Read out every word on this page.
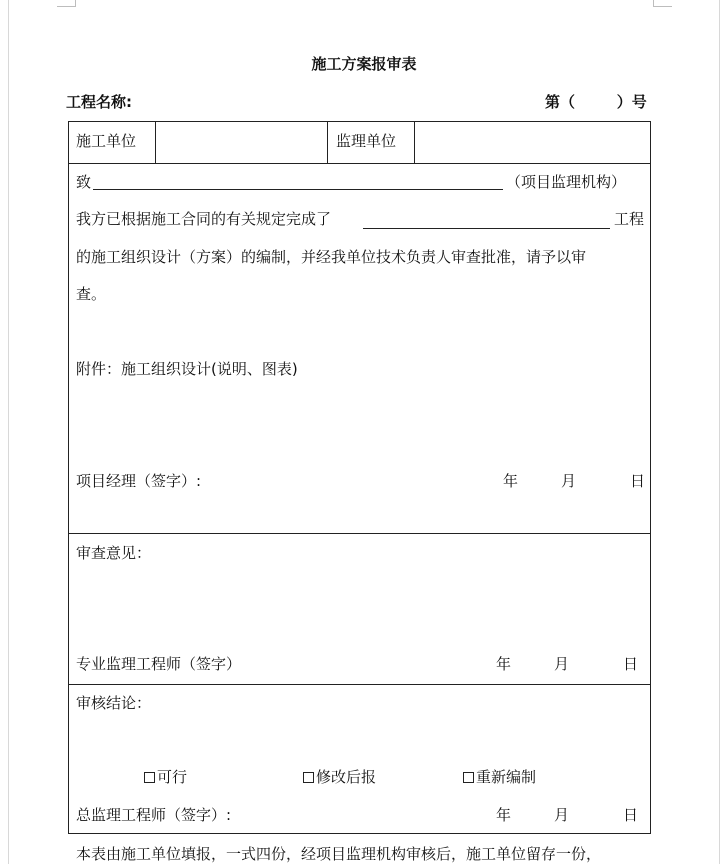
施工方案报审表
工程名称:	第（        ）号
施工单位	监理单位
致	（项目监理机构）
我方已根据施工合同的有关规定完成了	工程
的施工组织设计（方案）的编制，并经我单位技术负责人审查批准，请予以审
查。
附件：施工组织设计(说明、图表)
项目经理（签字）:	年	月	日
审查意见：
专业监理工程师（签字）	年	月	日
审核结论：
可行	修改后报	重新编制
总监理工程师（签字）:	年	月	日
本表由施工单位填报，一式四份，经项目监理机构审核后，施工单位留存一份，
